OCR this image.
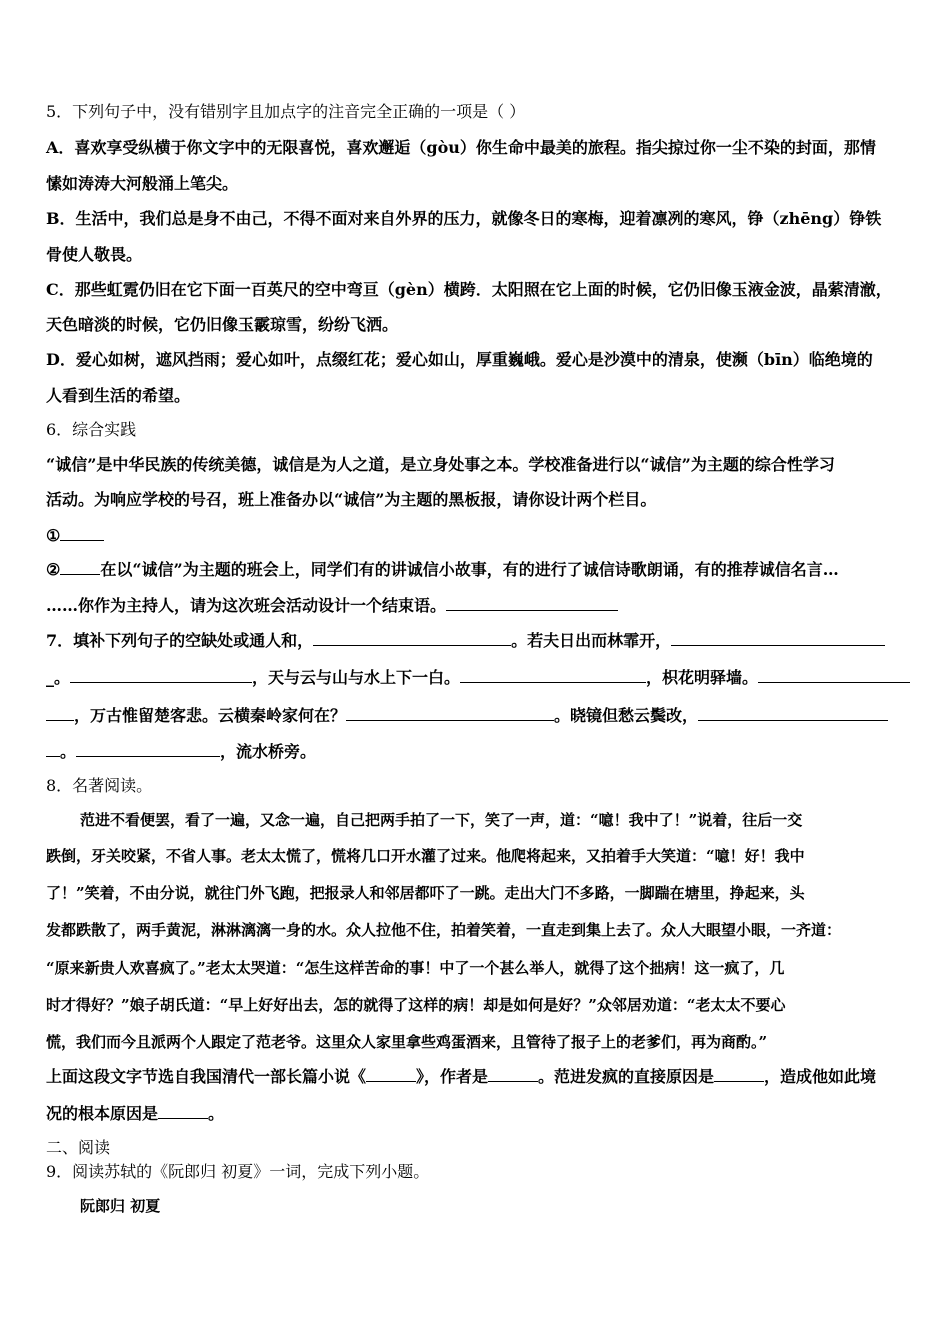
5．下列句子中，没有错别字且加点字的注音完全正确的一项是（ ）
A．喜欢享受纵横于你文字中的无限喜悦，喜欢邂逅（gòu）你生命中最美的旅程。指尖掠过你一尘不染的封面，那情
愫如涛涛大河般涌上笔尖。
B．生活中，我们总是身不由己，不得不面对来自外界的压力，就像冬日的寒梅，迎着凛冽的寒风，铮（zhēng）铮铁
骨使人敬畏。
C．那些虹霓仍旧在它下面一百英尺的空中弯亘（gèn）横跨．太阳照在它上面的时候，它仍旧像玉液金波，晶萦清澈，
天色暗淡的时候，它仍旧像玉霰琼雪，纷纷飞洒。
D．爱心如树，遮风挡雨；爱心如叶，点缀红花；爱心如山，厚重巍峨。爱心是沙漠中的清泉，使濒（bīn）临绝境的
人看到生活的希望。
6．综合实践
“诚信”是中华民族的传统美德，诚信是为人之道，是立身处事之本。学校准备进行以“诚信”为主题的综合性学习
活动。为响应学校的号召，班上准备办以“诚信”为主题的黑板报，请你设计两个栏目。
①
②	在以“诚信”为主题的班会上，同学们有的讲诚信小故事，有的进行了诚信诗歌朗诵，有的推荐诚信名言…
……你作为主持人，请为这次班会活动设计一个结束语。
7．填补下列句子的空缺处或通人和，	。若夫日出而林霏开，
_。	，天与云与山与水上下一白。	，枳花明驿墙。
，万古惟留楚客悲。云横秦岭家何在？	。晓镜但愁云鬓改，
。	，流水桥旁。
8．名著阅读。
范进不看便罢，看了一遍，又念一遍，自己把两手拍了一下，笑了一声，道：“噫！我中了！”说着，往后一交
跌倒，牙关咬紧，不省人事。老太太慌了，慌将几口开水灌了过来。他爬将起来，又拍着手大笑道：“噫！好！我中
了！”笑着，不由分说，就往门外飞跑，把报录人和邻居都吓了一跳。走出大门不多路，一脚踹在塘里，挣起来，头
发都跌散了，两手黄泥，淋淋漓漓一身的水。众人拉他不住，拍着笑着，一直走到集上去了。众人大眼望小眼，一齐道：
“原来新贵人欢喜疯了。”老太太哭道：“怎生这样苦命的事！中了一个甚么举人，就得了这个拙病！这一疯了，几
时才得好？”娘子胡氏道：“早上好好出去，怎的就得了这样的病！却是如何是好？”众邻居劝道：“老太太不要心
慌，我们而今且派两个人跟定了范老爷。这里众人家里拿些鸡蛋酒来，且管待了报子上的老爹们，再为商酌。”
上面这段文字节选自我国清代一部长篇小说《	》，作者是	。范进发疯的直接原因是	，造成他如此境
况的根本原因是	。
二、阅读
9．阅读苏轼的《阮郎归 初夏》一词，完成下列小题。
阮郎归 初夏
